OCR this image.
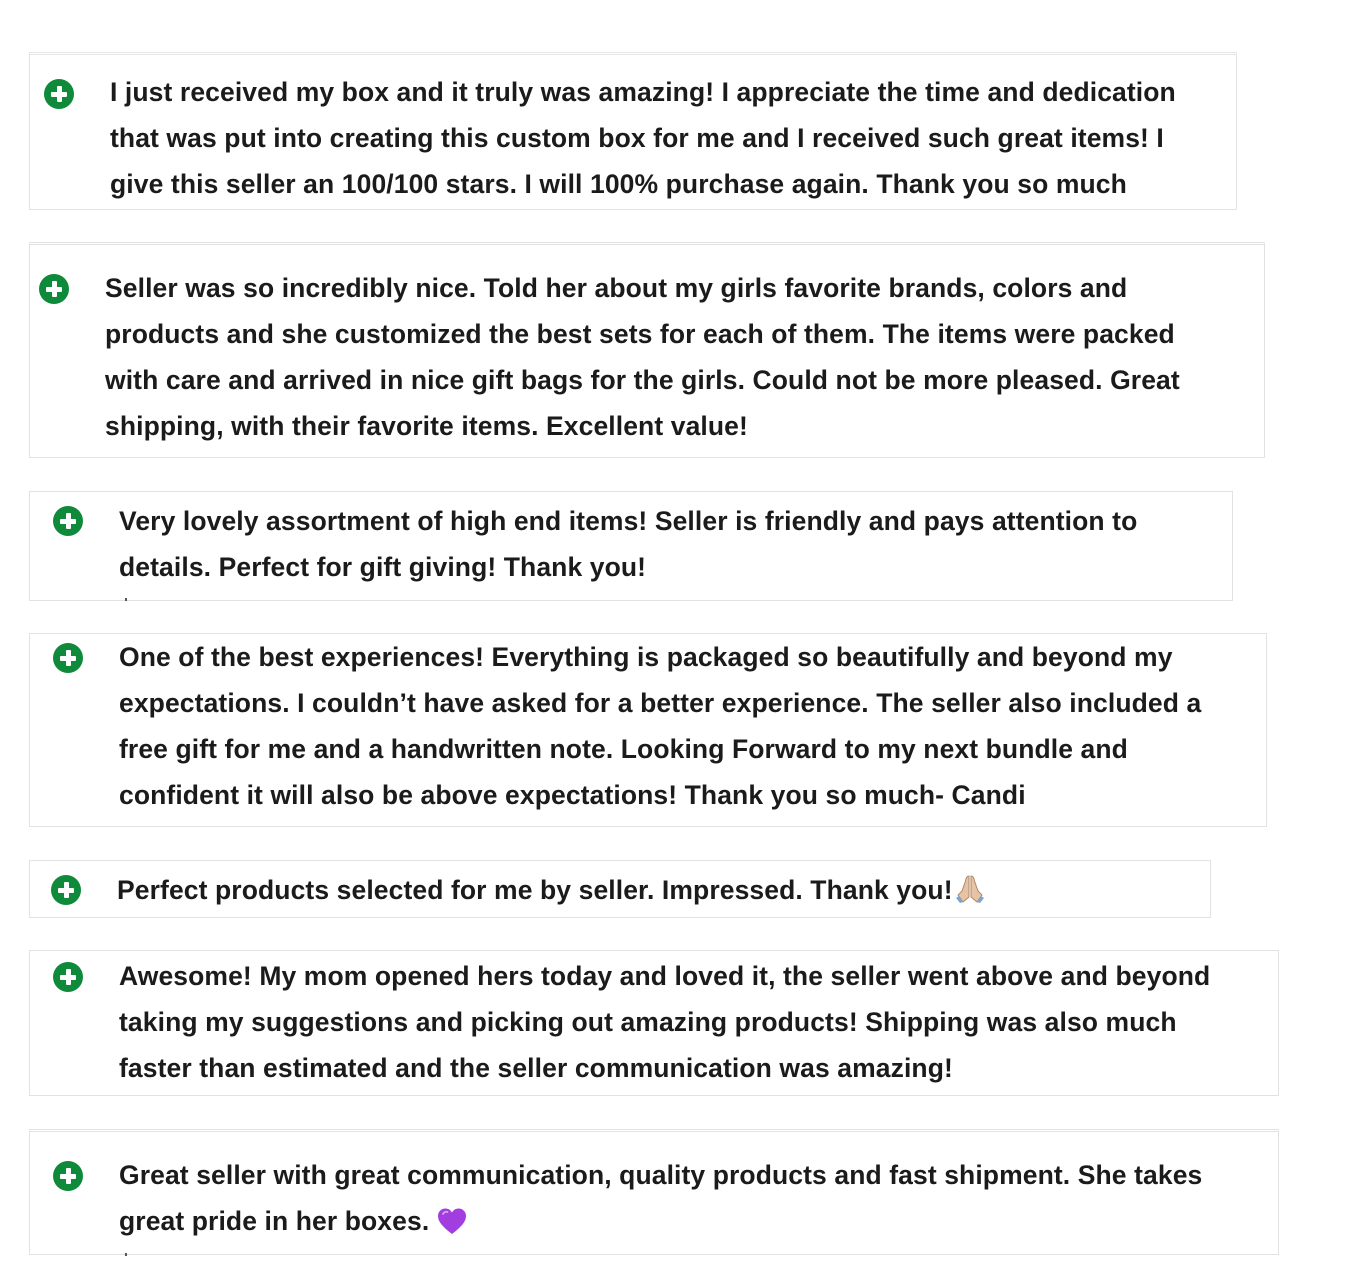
I just received my box and it truly was amazing! I appreciate the time and dedication
that was put into creating this custom box for me and I received such great items! I
give this seller an 100/100 stars. I will 100% purchase again. Thank you so much
Seller was so incredibly nice. Told her about my girls favorite brands, colors and
products and she customized the best sets for each of them. The items were packed
with care and arrived in nice gift bags for the girls. Could not be more pleased. Great
shipping, with their favorite items. Excellent value!
Very lovely assortment of high end items! Seller is friendly and pays attention to
details. Perfect for gift giving! Thank you!
One of the best experiences! Everything is packaged so beautifully and beyond my
expectations. I couldn’t have asked for a better experience. The seller also included a
free gift for me and a handwritten note. Looking Forward to my next bundle and
confident it will also be above expectations! Thank you so much- Candi
Perfect products selected for me by seller. Impressed. Thank you!
Awesome! My mom opened hers today and loved it, the seller went above and beyond
taking my suggestions and picking out amazing products! Shipping was also much
faster than estimated and the seller communication was amazing!
Great seller with great communication, quality products and fast shipment. She takes
great pride in her boxes.
